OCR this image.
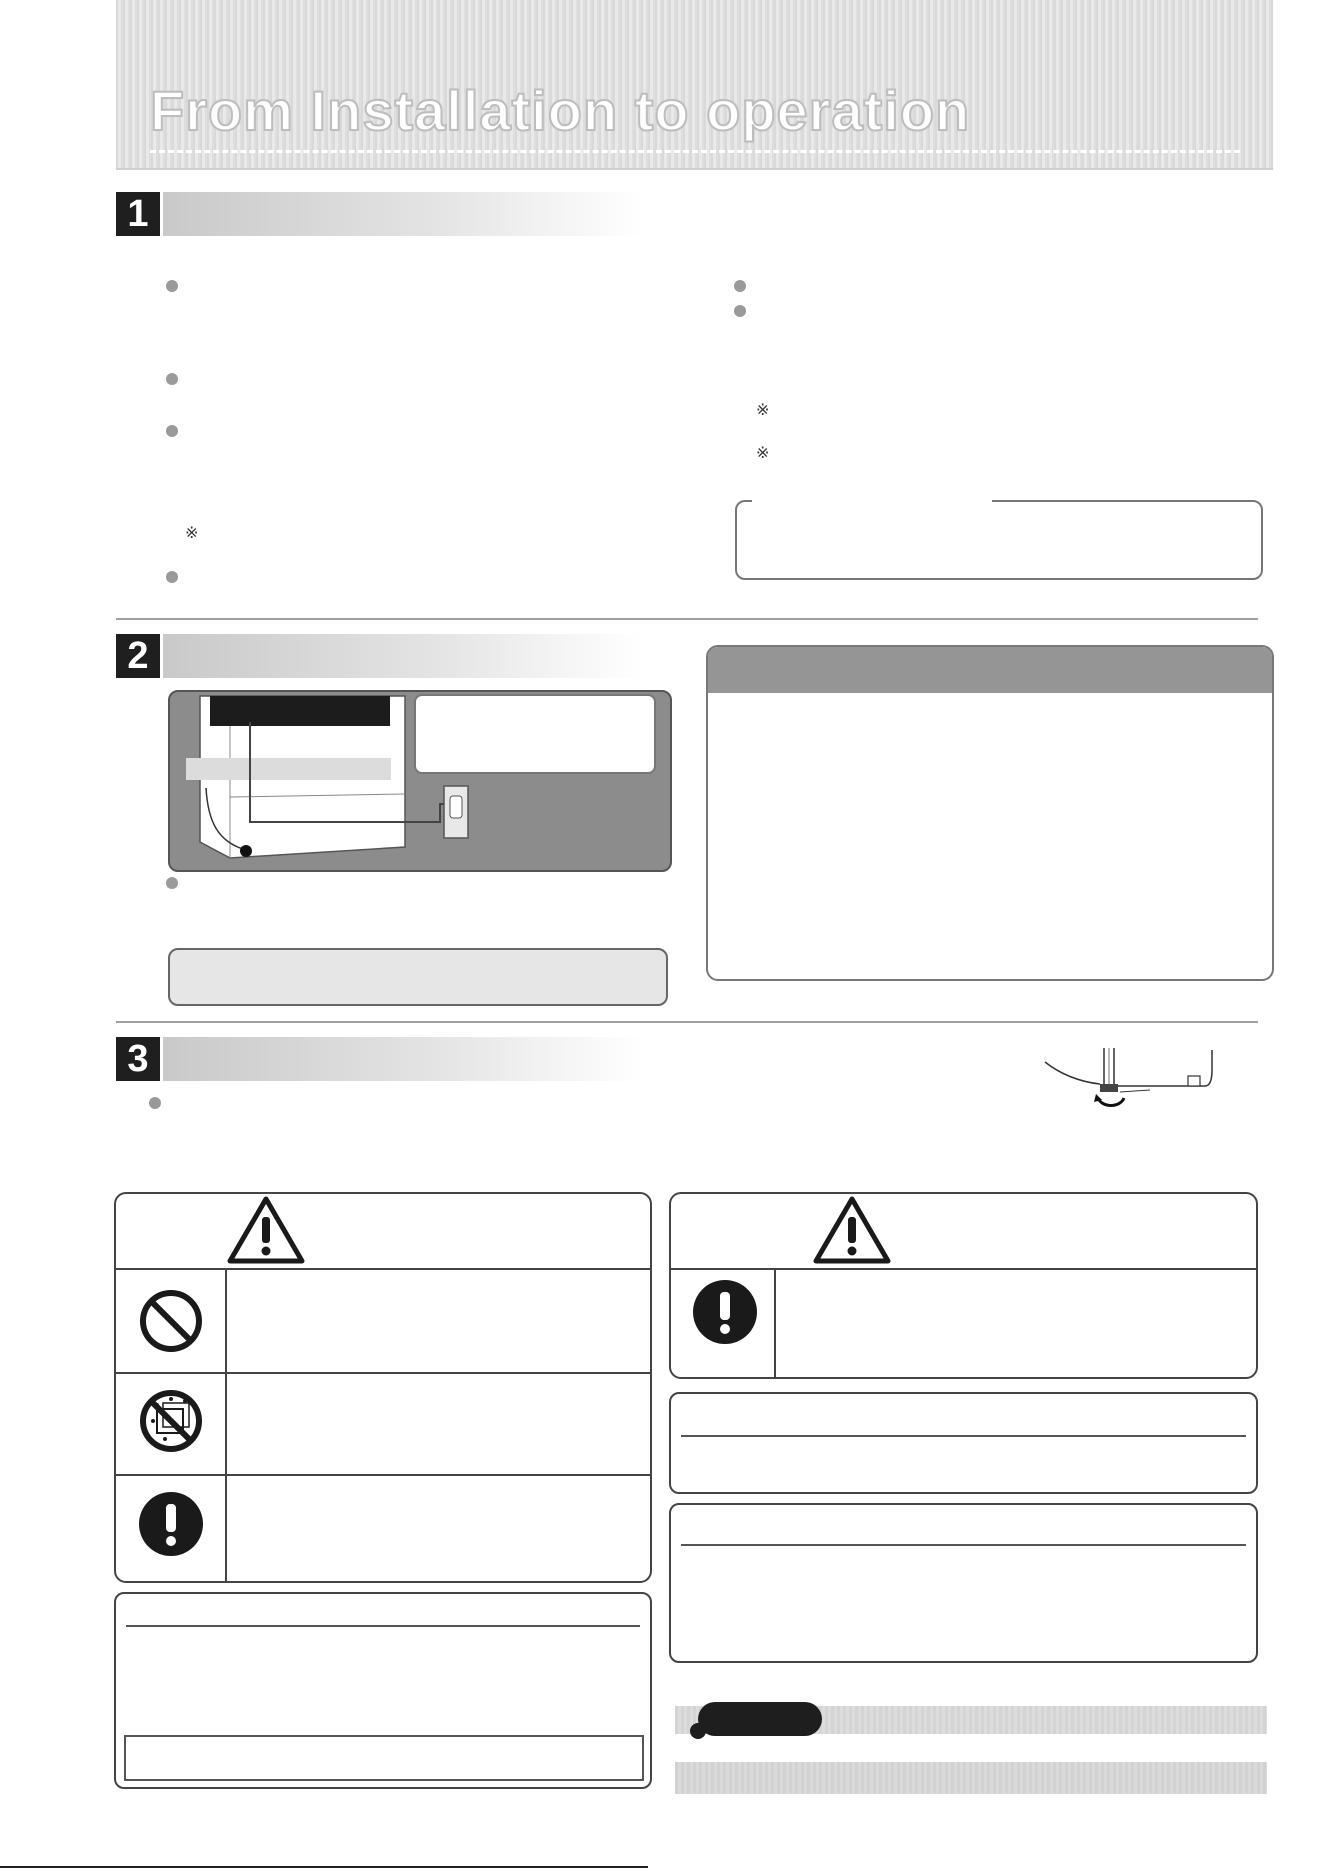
From Installation to operation
1
※
※
※
2
3
